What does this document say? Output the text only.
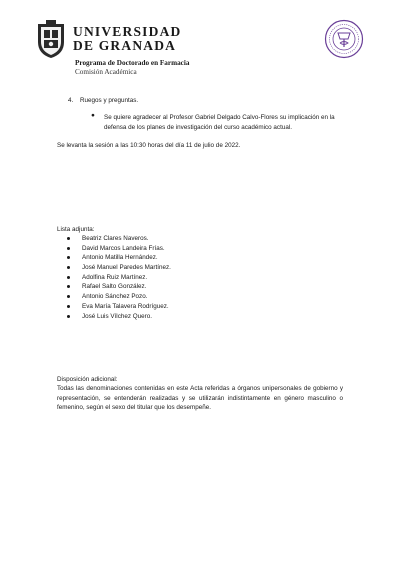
UNIVERSIDAD
DE GRANADA
Programa de Doctorado en Farmacia
Comisión Académica
4. Ruegos y preguntas.
● Se quiere agradecer al Profesor Gabriel Delgado Calvo-Flores su implicación en la defensa de los planes de investigación del curso académico actual.
Se levanta la sesión a las 10:30 horas del día 11 de julio de 2022.
Lista adjunta:
Beatriz Clares Naveros.
David Marcos Landeira Frías.
Antonio Matilla Hernández.
José Manuel Paredes Martínez.
Adolfina Ruiz Martínez.
Rafael Salto González.
Antonio Sánchez Pozo.
Eva María Talavera Rodríguez.
José Luis Vílchez Quero.
Disposición adicional:
Todas las denominaciones contenidas en este Acta referidas a órganos unipersonales de gobierno y representación, se entenderán realizadas y se utilizarán indistintamente en género masculino o femenino, según el sexo del titular que los desempeñe.
